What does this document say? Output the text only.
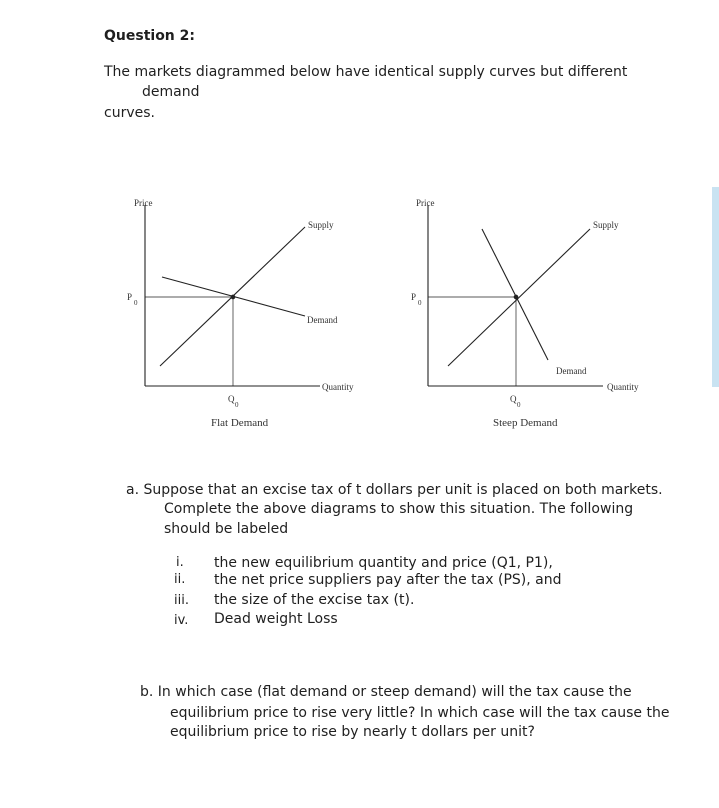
Question 2:
The markets diagrammed below have identical supply curves but different
demand
curves.
Price
Supply
Demand
Quantity
P
0
Q
0
Flat Demand
Price
Supply
Demand
Quantity
P
0
Q
0
Steep Demand
a. Suppose that an excise tax of t dollars per unit is placed on both markets.
Complete the above diagrams to show this situation. The following
should be labeled
i. the new equilibrium quantity and price (Q1, P1),
ii. the net price suppliers pay after the tax (PS), and
iii. the size of the excise tax (t).
iv. Dead weight Loss
b. In which case (flat demand or steep demand) will the tax cause the
equilibrium price to rise very little? In which case will the tax cause the
equilibrium price to rise by nearly t dollars per unit?
